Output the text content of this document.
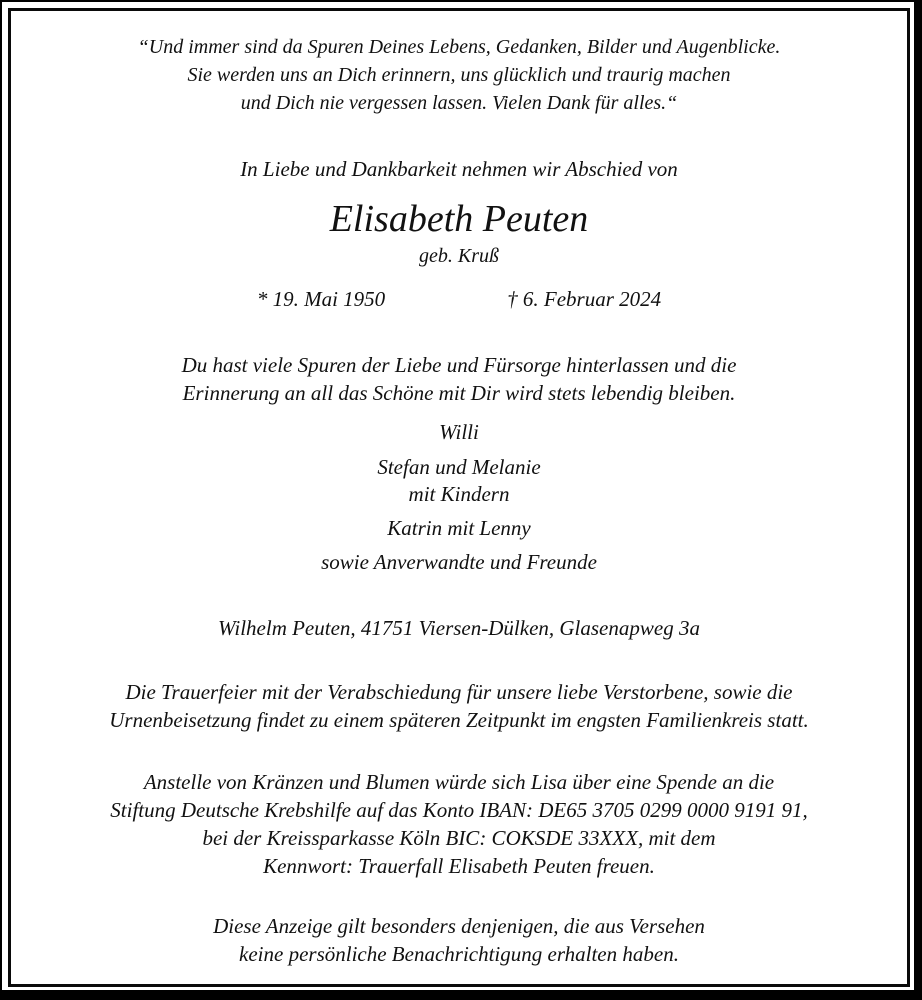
“Und immer sind da Spuren Deines Lebens, Gedanken, Bilder und Augenblicke.
Sie werden uns an Dich erinnern, uns glücklich und traurig machen
und Dich nie vergessen lassen. Vielen Dank für alles.“
In Liebe und Dankbarkeit nehmen wir Abschied von
Elisabeth Peuten
geb. Kruß
* 19. Mai 1950	† 6. Februar 2024
Du hast viele Spuren der Liebe und Fürsorge hinterlassen und die
Erinnerung an all das Schöne mit Dir wird stets lebendig bleiben.
Willi
Stefan und Melanie
mit Kindern
Katrin mit Lenny
sowie Anverwandte und Freunde
Wilhelm Peuten, 41751 Viersen-Dülken, Glasenapweg 3a
Die Trauerfeier mit der Verabschiedung für unsere liebe Verstorbene, sowie die
Urnenbeisetzung findet zu einem späteren Zeitpunkt im engsten Familienkreis statt.
Anstelle von Kränzen und Blumen würde sich Lisa über eine Spende an die
Stiftung Deutsche Krebshilfe auf das Konto IBAN: DE65 3705 0299 0000 9191 91,
bei der Kreissparkasse Köln BIC: COKSDE 33XXX, mit dem
Kennwort: Trauerfall Elisabeth Peuten freuen.
Diese Anzeige gilt besonders denjenigen, die aus Versehen
keine persönliche Benachrichtigung erhalten haben.
